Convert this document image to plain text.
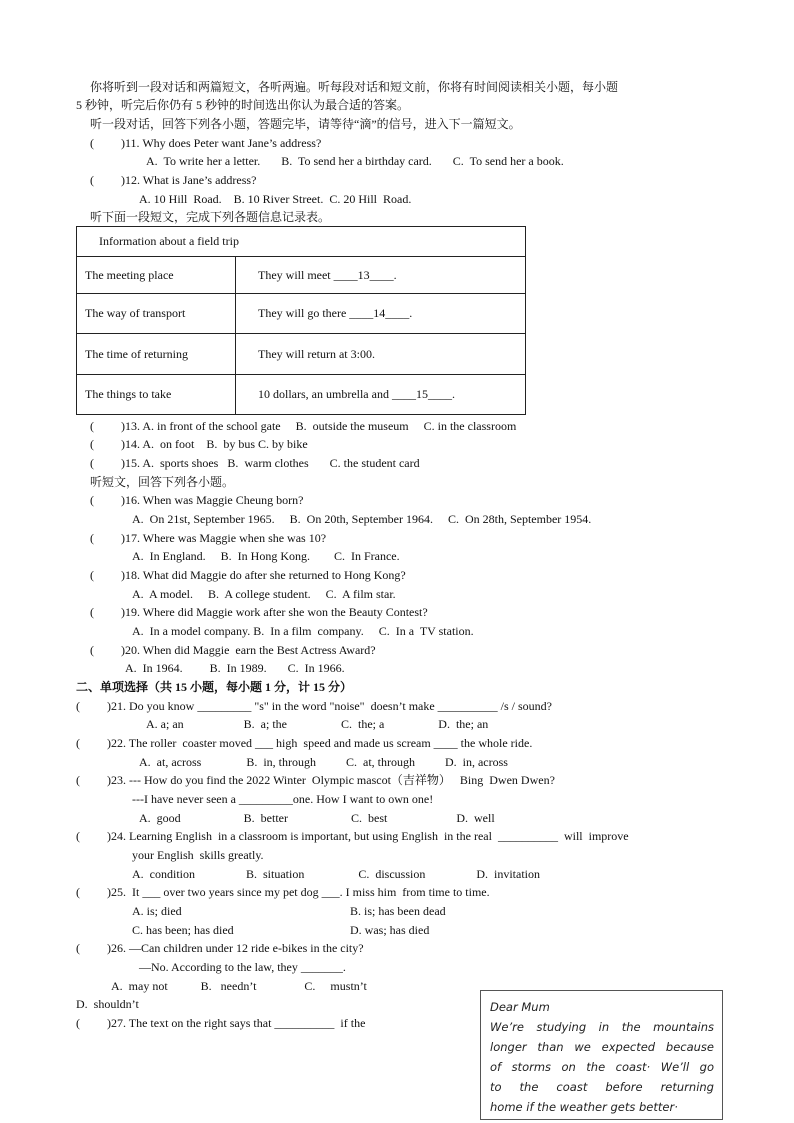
你将听到一段对话和两篇短文，各听两遍。听每段对话和短文前，你将有时间阅读相关小题，每小题
5 秒钟，听完后你仍有 5 秒钟的时间选出你认为最合适的答案。
听一段对话，回答下列各小题，答题完毕，请等待“滴”的信号，进入下一篇短文。
( )11. Why does Peter want Jane’s address?
A.  To write her a letter.       B.  To send her a birthday card.       C.  To send her a book.
( )12. What is Jane’s address?
A. 10 Hill  Road.    B. 10 River Street.  C. 20 Hill  Road.
听下面一段短文，完成下列各题信息记录表。
Information about a field trip	
The meeting place	They will meet ____13____.
The way of transport	They will go there ____14____.
The time of returning	They will return at 3:00.
The things to take	10 dollars, an umbrella and ____15____.
( )13. A. in front of the school gate     B.  outside the museum     C. in the classroom
( )14. A.  on foot    B.  by bus C. by bike
( )15. A.  sports shoes   B.  warm clothes       C. the student card
听短文，回答下列各小题。
( )16. When was Maggie Cheung born?
A.  On 21st, September 1965.     B.  On 20th, September 1964.     C.  On 28th, September 1954.
( )17. Where was Maggie when she was 10?
A.  In England.     B.  In Hong Kong.        C.  In France.
( )18. What did Maggie do after she returned to Hong Kong?
A.  A model.     B.  A college student.     C.  A film star.
( )19. Where did Maggie work after she won the Beauty Contest?
A.  In a model company. B.  In a film  company.     C.  In a  TV station.
( )20. When did Maggie  earn the Best Actress Award?
A.  In 1964.         B.  In 1989.       C.  In 1966.
二、单项选择（共 15 小题，每小题 1 分，计 15 分）
( )21. Do you know _________ "s" in the word "noise"  doesn’t make __________ /s / sound?
A. a; an                    B.  a; the                  C.  the; a                  D.  the; an
( )22. The roller  coaster moved ___ high  speed and made us scream ____ the whole ride.
A.  at, across               B.  in, through          C.  at, through          D.  in, across
( )23. --- How do you find the 2022 Winter  Olympic mascot（吉祥物）   Bing  Dwen Dwen?
---I have never seen a _________one. How I want to own one!
A.  good                     B.  better                     C.  best                       D.  well
( )24. Learning English  in a classroom is important, but using English  in the real  __________  will  improve
your English  skills greatly.
A.  condition                 B.  situation                  C.  discussion                 D.  invitation
( )25.  It ___ over two years since my pet dog ___. I miss him  from time to time.
A. is; died	B. is; has been dead
C. has been; has died	D. was; has died
( )26. —Can children under 12 ride e-bikes in the city?
—No. According to the law, they _______.
A.  may not           B.   needn’t                C.     mustn’t
D.  shouldn’t
( )27. The text on the right says that __________  if the
Dear Mum
We’re studying in the mountains
longer than we expected because
of storms on the coast· We’ll go
to the coast before returning
home if the weather gets better·
